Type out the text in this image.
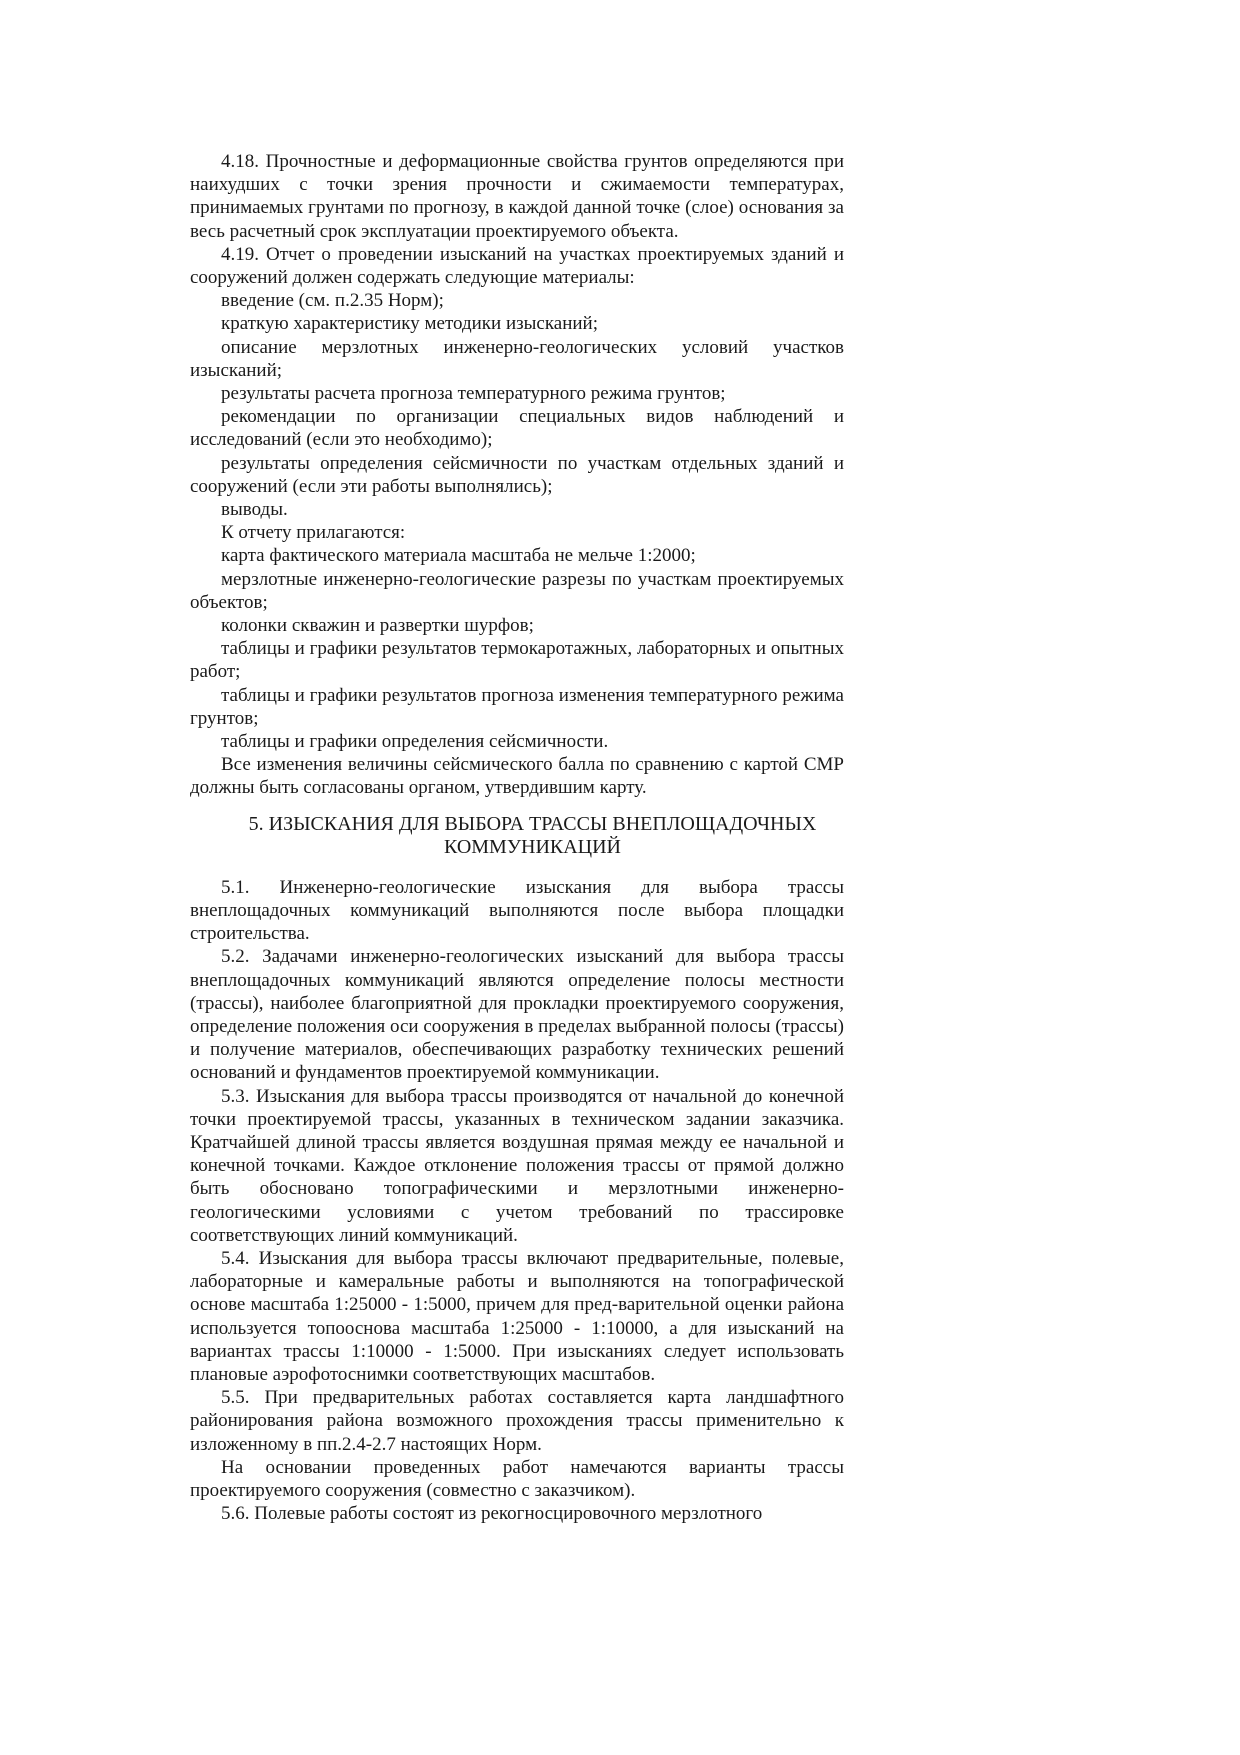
4.18. Прочностные и деформационные свойства грунтов определяются при наихудших с точки зрения прочности и сжимаемости температурах, принимаемых грунтами по прогнозу, в каждой данной точке (слое) основания за весь расчетный срок эксплуатации проектируемого объекта.

4.19. Отчет о проведении изысканий на участках проектируемых зданий и сооружений должен содержать следующие материалы:

введение (см. п.2.35 Норм);

краткую характеристику методики изысканий;

описание мерзлотных инженерно-геологических условий участков изысканий;

результаты расчета прогноза температурного режима грунтов;

рекомендации по организации специальных видов наблюдений и исследований (если это необходимо);

результаты определения сейсмичности по участкам отдельных зданий и сооружений (если эти работы выполнялись);

выводы.

К отчету прилагаются:

карта фактического материала масштаба не мельче 1:2000;

мерзлотные инженерно-геологические разрезы по участкам проектируемых объектов;

колонки скважин и развертки шурфов;

таблицы и графики результатов термокаротажных, лабораторных и опытных работ;

таблицы и графики результатов прогноза изменения температурного режима грунтов;

таблицы и графики определения сейсмичности.

Все изменения величины сейсмического балла по сравнению с картой СМР должны быть согласованы органом, утвердившим карту.

5. ИЗЫСКАНИЯ ДЛЯ ВЫБОРА ТРАССЫ ВНЕПЛОЩАДОЧНЫХ
КОММУНИКАЦИЙ

5.1. Инженерно-геологические изыскания для выбора трассы внеплощадочных коммуникаций выполняются после выбора площадки строительства.

5.2. Задачами инженерно-геологических изысканий для выбора трассы внеплощадочных коммуникаций являются определение полосы местности (трассы), наиболее благоприятной для прокладки проектируемого сооружения, определение положения оси сооружения в пределах выбранной полосы (трассы) и получение материалов, обеспечивающих разработку технических решений оснований и фундаментов проектируемой коммуникации.

5.3. Изыскания для выбора трассы производятся от начальной до конечной точки проектируемой трассы, указанных в техническом задании заказчика. Кратчайшей длиной трассы является воздушная прямая между ее начальной и конечной точками. Каждое отклонение положения трассы от прямой должно быть обосновано топографическими и мерзлотными инженерно-геологическими условиями с учетом требований по трассировке соответствующих линий коммуникаций.

5.4. Изыскания для выбора трассы включают предварительные, полевые, лабораторные и камеральные работы и выполняются на топографической основе масштаба 1:25000 - 1:5000, причем для пред-варительной оценки района используется топооснова масштаба 1:25000 - 1:10000, а для изысканий на вариантах трассы 1:10000 - 1:5000. При изысканиях следует использовать плановые аэрофотоснимки соответствующих масштабов.

5.5. При предварительных работах составляется карта ландшафтного районирования района возможного прохождения трассы применительно к изложенному в пп.2.4-2.7 настоящих Норм.

На основании проведенных работ намечаются варианты трассы проектируемого сооружения (совместно с заказчиком).

5.6. Полевые работы состоят из рекогносцировочного мерзлотного
